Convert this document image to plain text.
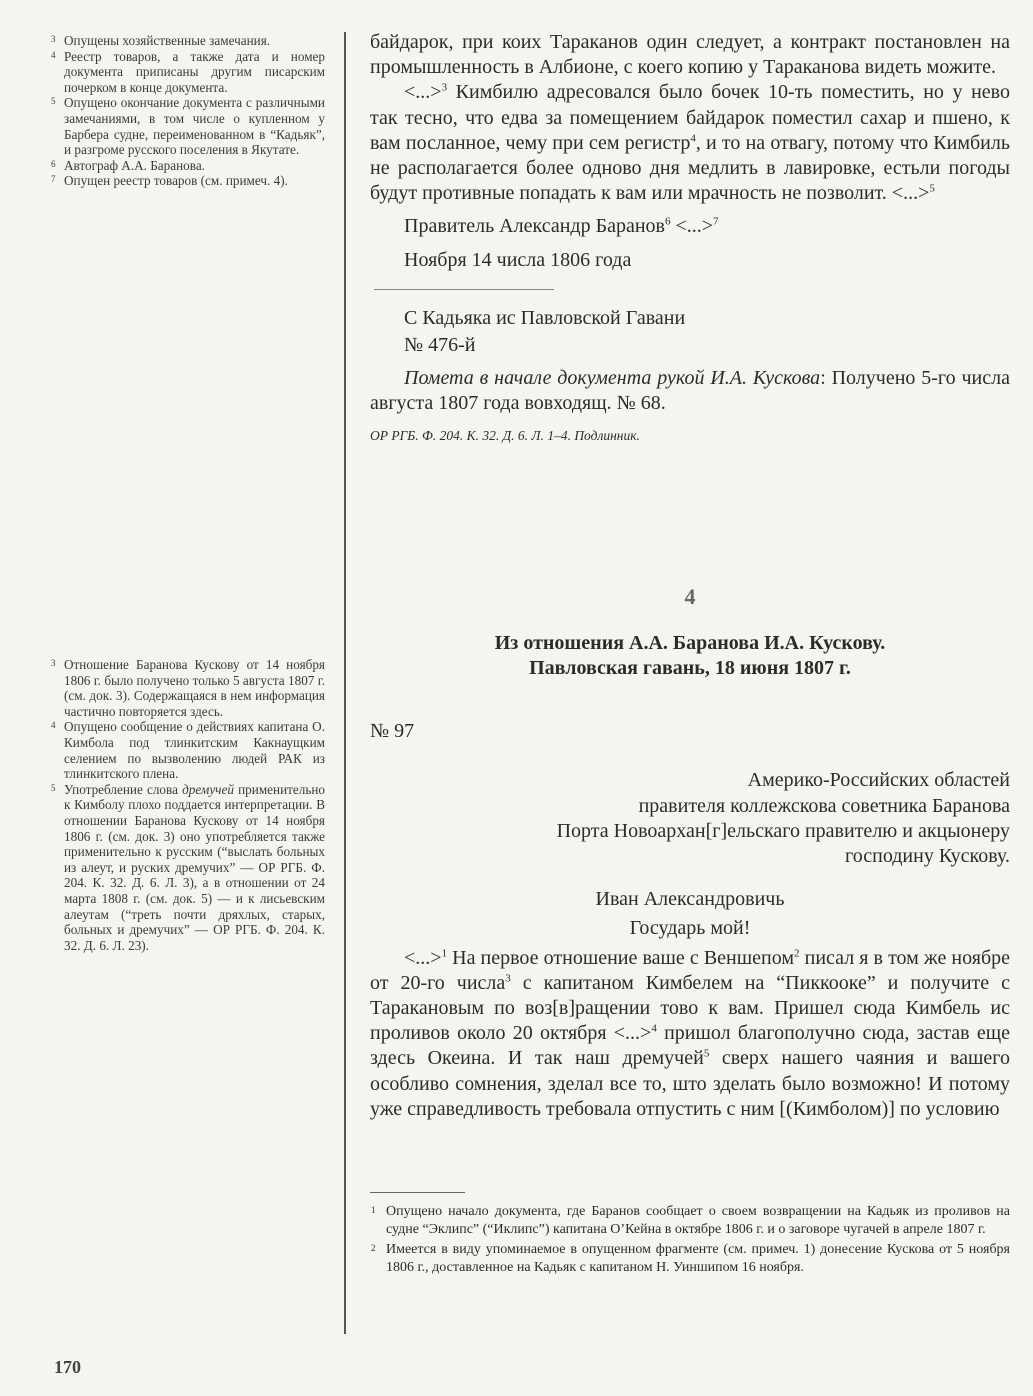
3 Опущены хозяйственные замечания.
4 Реестр товаров, а также дата и номер документа приписаны другим писарским почерком в конце документа.
5 Опущено окончание документа с различными замечаниями, в том числе о купленном у Барбера судне, переименованном в “Кадьяк”, и разгроме русского поселения в Якутате.
6 Автограф А.А. Баранова.
7 Опущен реестр товаров (см. примеч. 4).
3 Отношение Баранова Кускову от 14 ноября 1806 г. было получено только 5 августа 1807 г. (см. док. 3). Содержащаяся в нем информация частично повторяется здесь.
4 Опущено сообщение о действиях капитана О. Кимбола под тлинкитским Какнаущким селением по вызволению людей РАК из тлинкитского плена.
5 Употребление слова дремучей применительно к Кимболу плохо поддается интерпретации. В отношении Баранова Кускову от 14 ноября 1806 г. (см. док. 3) оно употребляется также применительно к русским (“выслать больных из алеут, и руских дремучих” — ОР РГБ. Ф. 204. К. 32. Д. 6. Л. 3), а в отношении от 24 марта 1808 г. (см. док. 5) — и к лисьевским алеутам (“треть почти дряхлых, старых, больных и дремучих” — ОР РГБ. Ф. 204. К. 32. Д. 6. Л. 23).
байдарок, при коих Тараканов один следует, а контракт постановлен на промышленность в Албионе, с коего копию у Тараканова видеть можите.
<...>$^3$ Кимбилю адресовался было бочек 10-ть поместить, но у нево так тесно, что едва за помещением байдарок поместил сахар и пшено, к вам посланное, чему при сем регистр$^4$, и то на отвагу, потому что Кимбиль не располагается более одново дня медлить в лавировке, естьли погоды будут противные попадать к вам или мрачность не позволит. <...>$^5$
Правитель Александр Баранов$^6$ <...>$^7$
Ноября 14 числа 1806 года
С Кадьяка ис Павловской Гавани
№ 476-й
Помета в начале документа рукой И.А. Кускова: Получено 5-го числа августа 1807 года вовходящ. № 68.
ОР РГБ. Ф. 204. К. 32. Д. 6. Л. 1–4. Подлинник.
4
Из отношения А.А. Баранова И.А. Кускову.
Павловская гавань, 18 июня 1807 г.
№ 97
Америко-Российских областей
правителя коллежскова советника Баранова
Порта Новоархан[г]ельскаго правителю и акцыонеру
господину Кускову.
Иван Александровичь
Государь мой!
<...>$^1$ На первое отношение ваше с Веншепом$^2$ писал я в том же ноябре от 20-го числа$^3$ с капитаном Кимбелем на “Пиккооке” и получите с Таракановым по воз[в]ращении тово к вам. Пришел сюда Кимбель ис проливов около 20 октября <...>$^4$ пришол благополучно сюда, застав еще здесь Океина. И так наш дремучей$^5$ сверх нашего чаяния и вашего особливо сомнения, зделал все то, што зделать было возможно! И потому уже справедливость требовала отпустить с ним [(Кимболом)] по условию
1 Опущено начало документа, где Баранов сообщает о своем возвращении на Кадьяк из проливов на судне “Эклипс” (“Иклипс”) капитана О’Кейна в октябре 1806 г. и о заговоре чугачей в апреле 1807 г.
2 Имеется в виду упоминаемое в опущенном фрагменте (см. примеч. 1) донесение Кускова от 5 ноября 1806 г., доставленное на Кадьяк с капитаном Н. Уиншипом 16 ноября.
170
